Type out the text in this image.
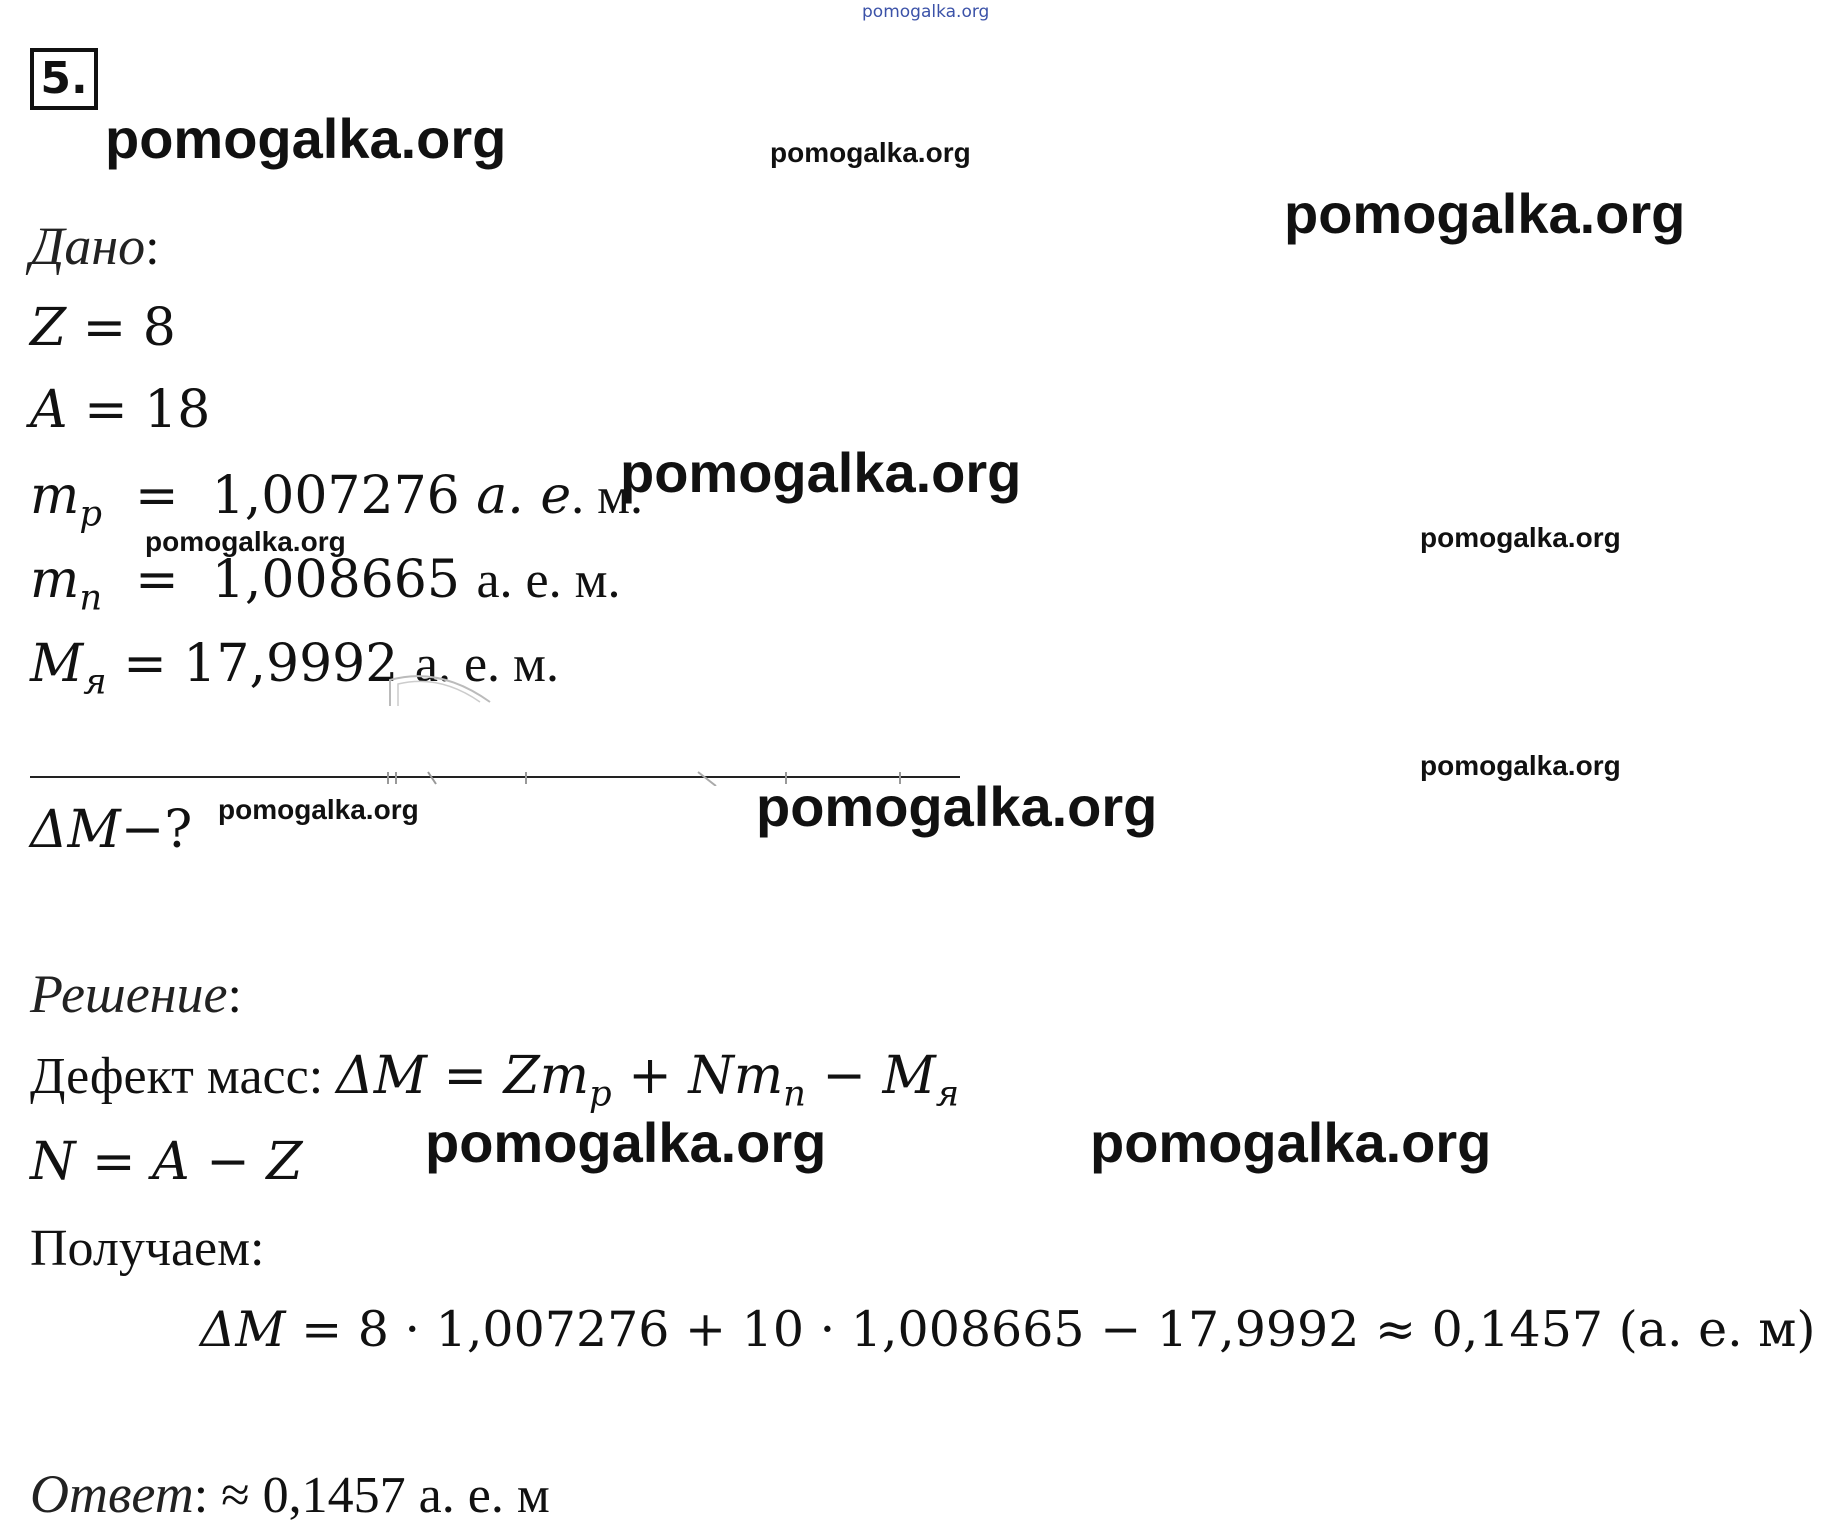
5.
pomogalka.org
pomogalka.org	pomogalka.org
pomogalka.org
pomogalka.org
pomogalka.org	pomogalka.org
pomogalka.org
pomogalka.org	pomogalka.org
pomogalka.org	pomogalka.org
Дано:
Z = 8
A = 18
$m_p = 1,007276$ а. е. м.
$m_n = 1,008665$ а. е. м.
$M_я = 17,9992$ а. е. м.
ΔM−?
Решение:
Дефект масс: $\Delta M = Zm_p + Nm_n - M_я$
N = A − Z
Получаем:
ΔM = 8 · 1,007276 + 10 · 1,008665 − 17,9992 ≈ 0,1457 (а. е. м)
Ответ: ≈ 0,1457 а. е. м
